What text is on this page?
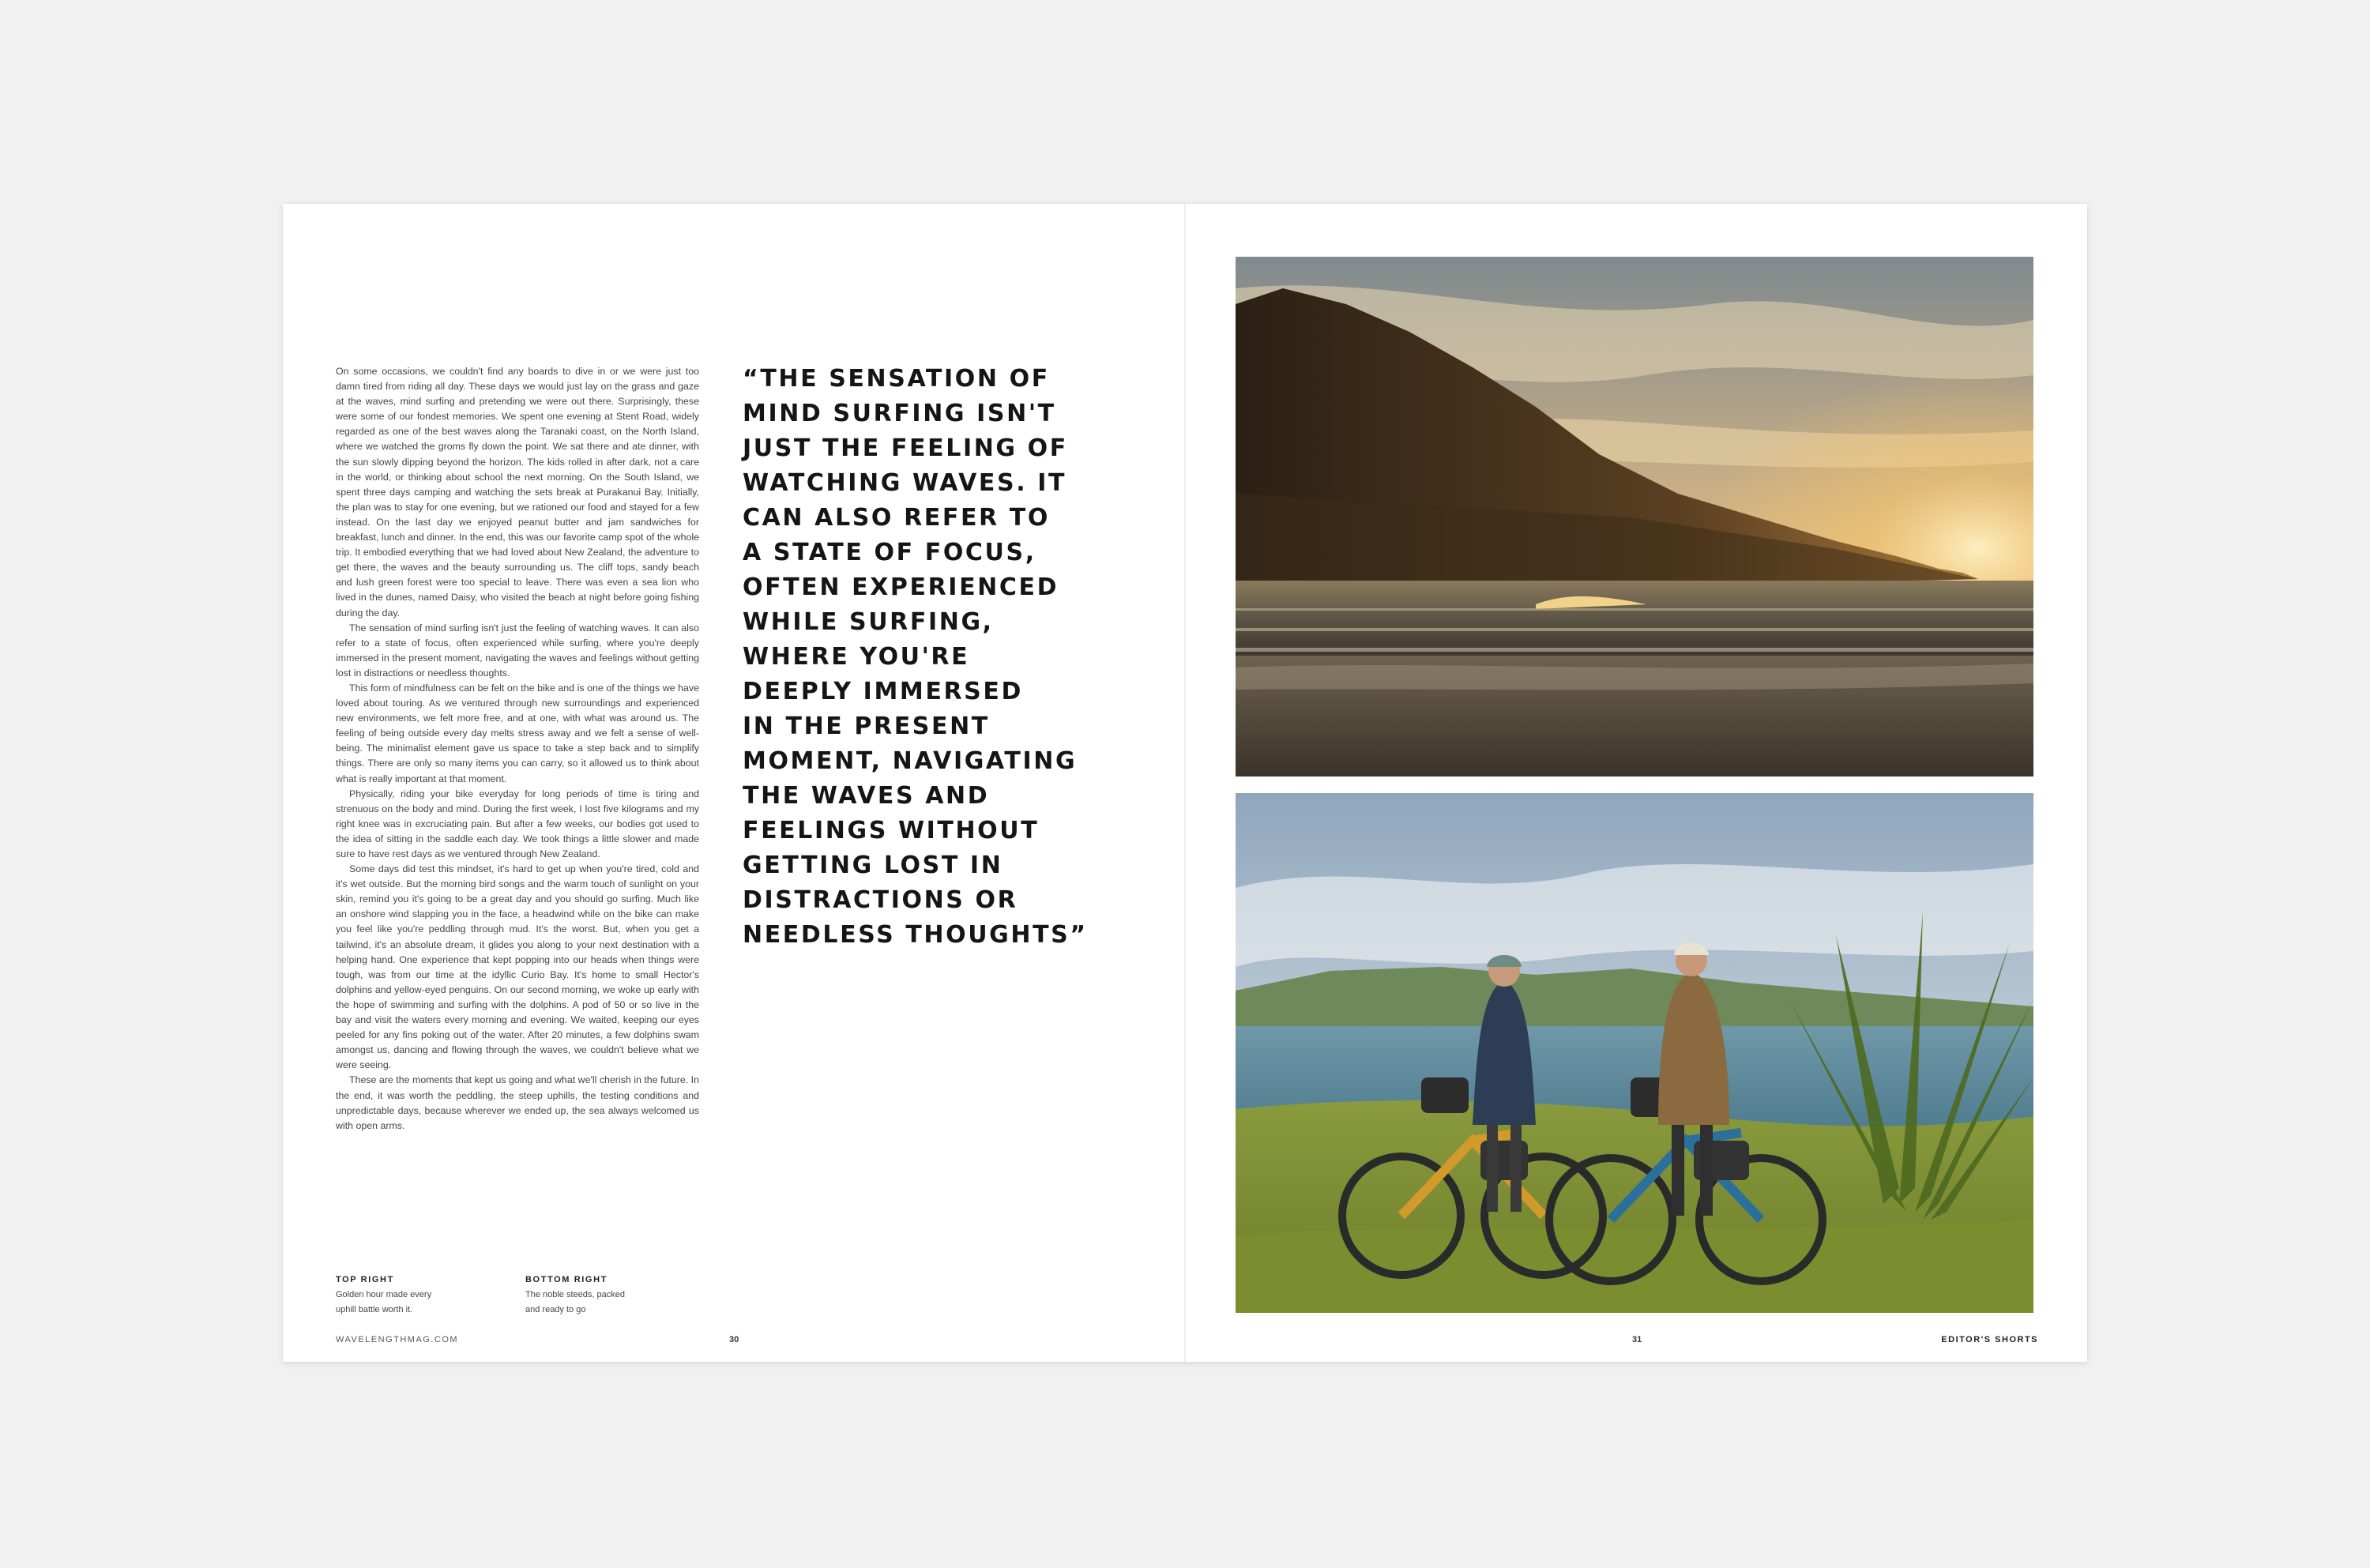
On some occasions, we couldn't find any boards to dive in or we were just too damn tired from riding all day. These days we would just lay on the grass and gaze at the waves, mind surfing and pretending we were out there. Surprisingly, these were some of our fondest memories. We spent one evening at Stent Road, widely regarded as one of the best waves along the Taranaki coast, on the North Island, where we watched the groms fly down the point. We sat there and ate dinner, with the sun slowly dipping beyond the horizon. The kids rolled in after dark, not a care in the world, or thinking about school the next morning. On the South Island, we spent three days camping and watching the sets break at Purakanui Bay. Initially, the plan was to stay for one evening, but we rationed our food and stayed for a few instead. On the last day we enjoyed peanut butter and jam sandwiches for breakfast, lunch and dinner. In the end, this was our favorite camp spot of the whole trip. It embodied everything that we had loved about New Zealand, the adventure to get there, the waves and the beauty surrounding us. The cliff tops, sandy beach and lush green forest were too special to leave. There was even a sea lion who lived in the dunes, named Daisy, who visited the beach at night before going fishing during the day.

The sensation of mind surfing isn't just the feeling of watching waves. It can also refer to a state of focus, often experienced while surfing, where you're deeply immersed in the present moment, navigating the waves and feelings without getting lost in distractions or needless thoughts.

This form of mindfulness can be felt on the bike and is one of the things we have loved about touring. As we ventured through new surroundings and experienced new environments, we felt more free, and at one, with what was around us. The feeling of being outside every day melts stress away and we felt a sense of well-being. The minimalist element gave us space to take a step back and to simplify things. There are only so many items you can carry, so it allowed us to think about what is really important at that moment.

Physically, riding your bike everyday for long periods of time is tiring and strenuous on the body and mind. During the first week, I lost five kilograms and my right knee was in excruciating pain. But after a few weeks, our bodies got used to the idea of sitting in the saddle each day. We took things a little slower and made sure to have rest days as we ventured through New Zealand.

Some days did test this mindset, it's hard to get up when you're tired, cold and it's wet outside. But the morning bird songs and the warm touch of sunlight on your skin, remind you it's going to be a great day and you should go surfing. Much like an onshore wind slapping you in the face, a headwind while on the bike can make you feel like you're peddling through mud. It's the worst. But, when you get a tailwind, it's an absolute dream, it glides you along to your next destination with a helping hand. One experience that kept popping into our heads when things were tough, was from our time at the idyllic Curio Bay. It's home to small Hector's dolphins and yellow-eyed penguins. On our second morning, we woke up early with the hope of swimming and surfing with the dolphins. A pod of 50 or so live in the bay and visit the waters every morning and evening. We waited, keeping our eyes peeled for any fins poking out of the water. After 20 minutes, a few dolphins swam amongst us, dancing and flowing through the waves, we couldn't believe what we were seeing.

These are the moments that kept us going and what we'll cherish in the future. In the end, it was worth the peddling, the steep uphills, the testing conditions and unpredictable days, because wherever we ended up, the sea always welcomed us with open arms.

“THE SENSATION OF
MIND SURFING ISN'T
JUST THE FEELING OF
WATCHING WAVES. IT
CAN ALSO REFER TO
A STATE OF FOCUS,
OFTEN EXPERIENCED
WHILE SURFING,
WHERE YOU'RE
DEEPLY IMMERSED
IN THE PRESENT
MOMENT, NAVIGATING
THE WAVES AND
FEELINGS WITHOUT
GETTING LOST IN
DISTRACTIONS OR
NEEDLESS THOUGHTS”

TOP RIGHT
Golden hour made every uphill battle worth it.
BOTTOM RIGHT
The noble steeds, packed and ready to go
WAVELENGTHMAG.COM	30	31	EDITOR'S SHORTS
